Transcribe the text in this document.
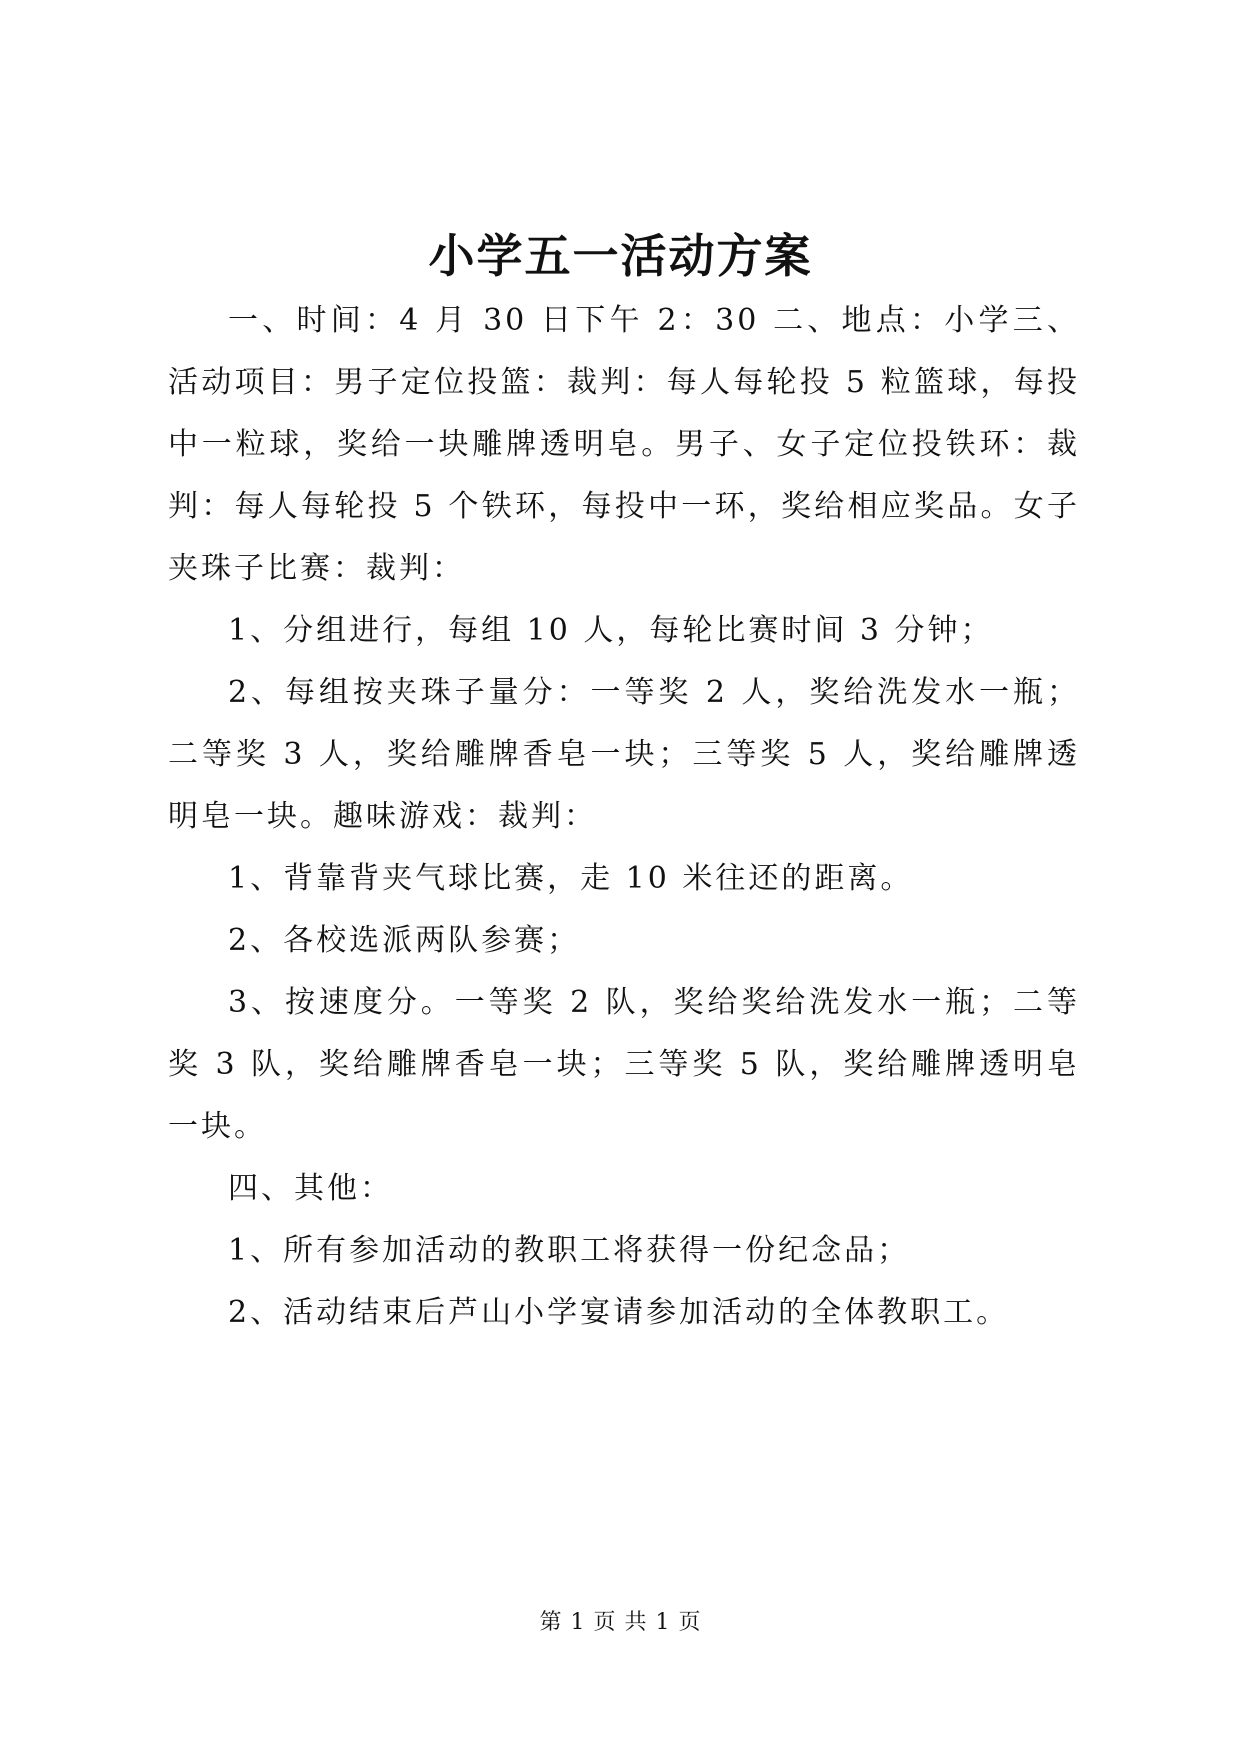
小学五一活动方案

一、时间：4 月 30 日下午 2：30 二、地点：小学三、活动项目：男子定位投篮：裁判：每人每轮投 5 粒篮球，每投中一粒球，奖给一块雕牌透明皂。男子、女子定位投铁环：裁判：每人每轮投 5 个铁环，每投中一环，奖给相应奖品。女子夹珠子比赛：裁判：

1、分组进行，每组 10 人，每轮比赛时间 3 分钟；

2、每组按夹珠子量分：一等奖 2 人，奖给洗发水一瓶；二等奖 3 人，奖给雕牌香皂一块；三等奖 5 人，奖给雕牌透明皂一块。趣味游戏：裁判：

1、背靠背夹气球比赛，走 10 米往还的距离。

2、各校选派两队参赛；

3、按速度分。一等奖 2 队，奖给奖给洗发水一瓶；二等奖 3 队，奖给雕牌香皂一块；三等奖 5 队，奖给雕牌透明皂一块。

四、其他：

1、所有参加活动的教职工将获得一份纪念品；

2、活动结束后芦山小学宴请参加活动的全体教职工。

第 1 页 共 1 页
